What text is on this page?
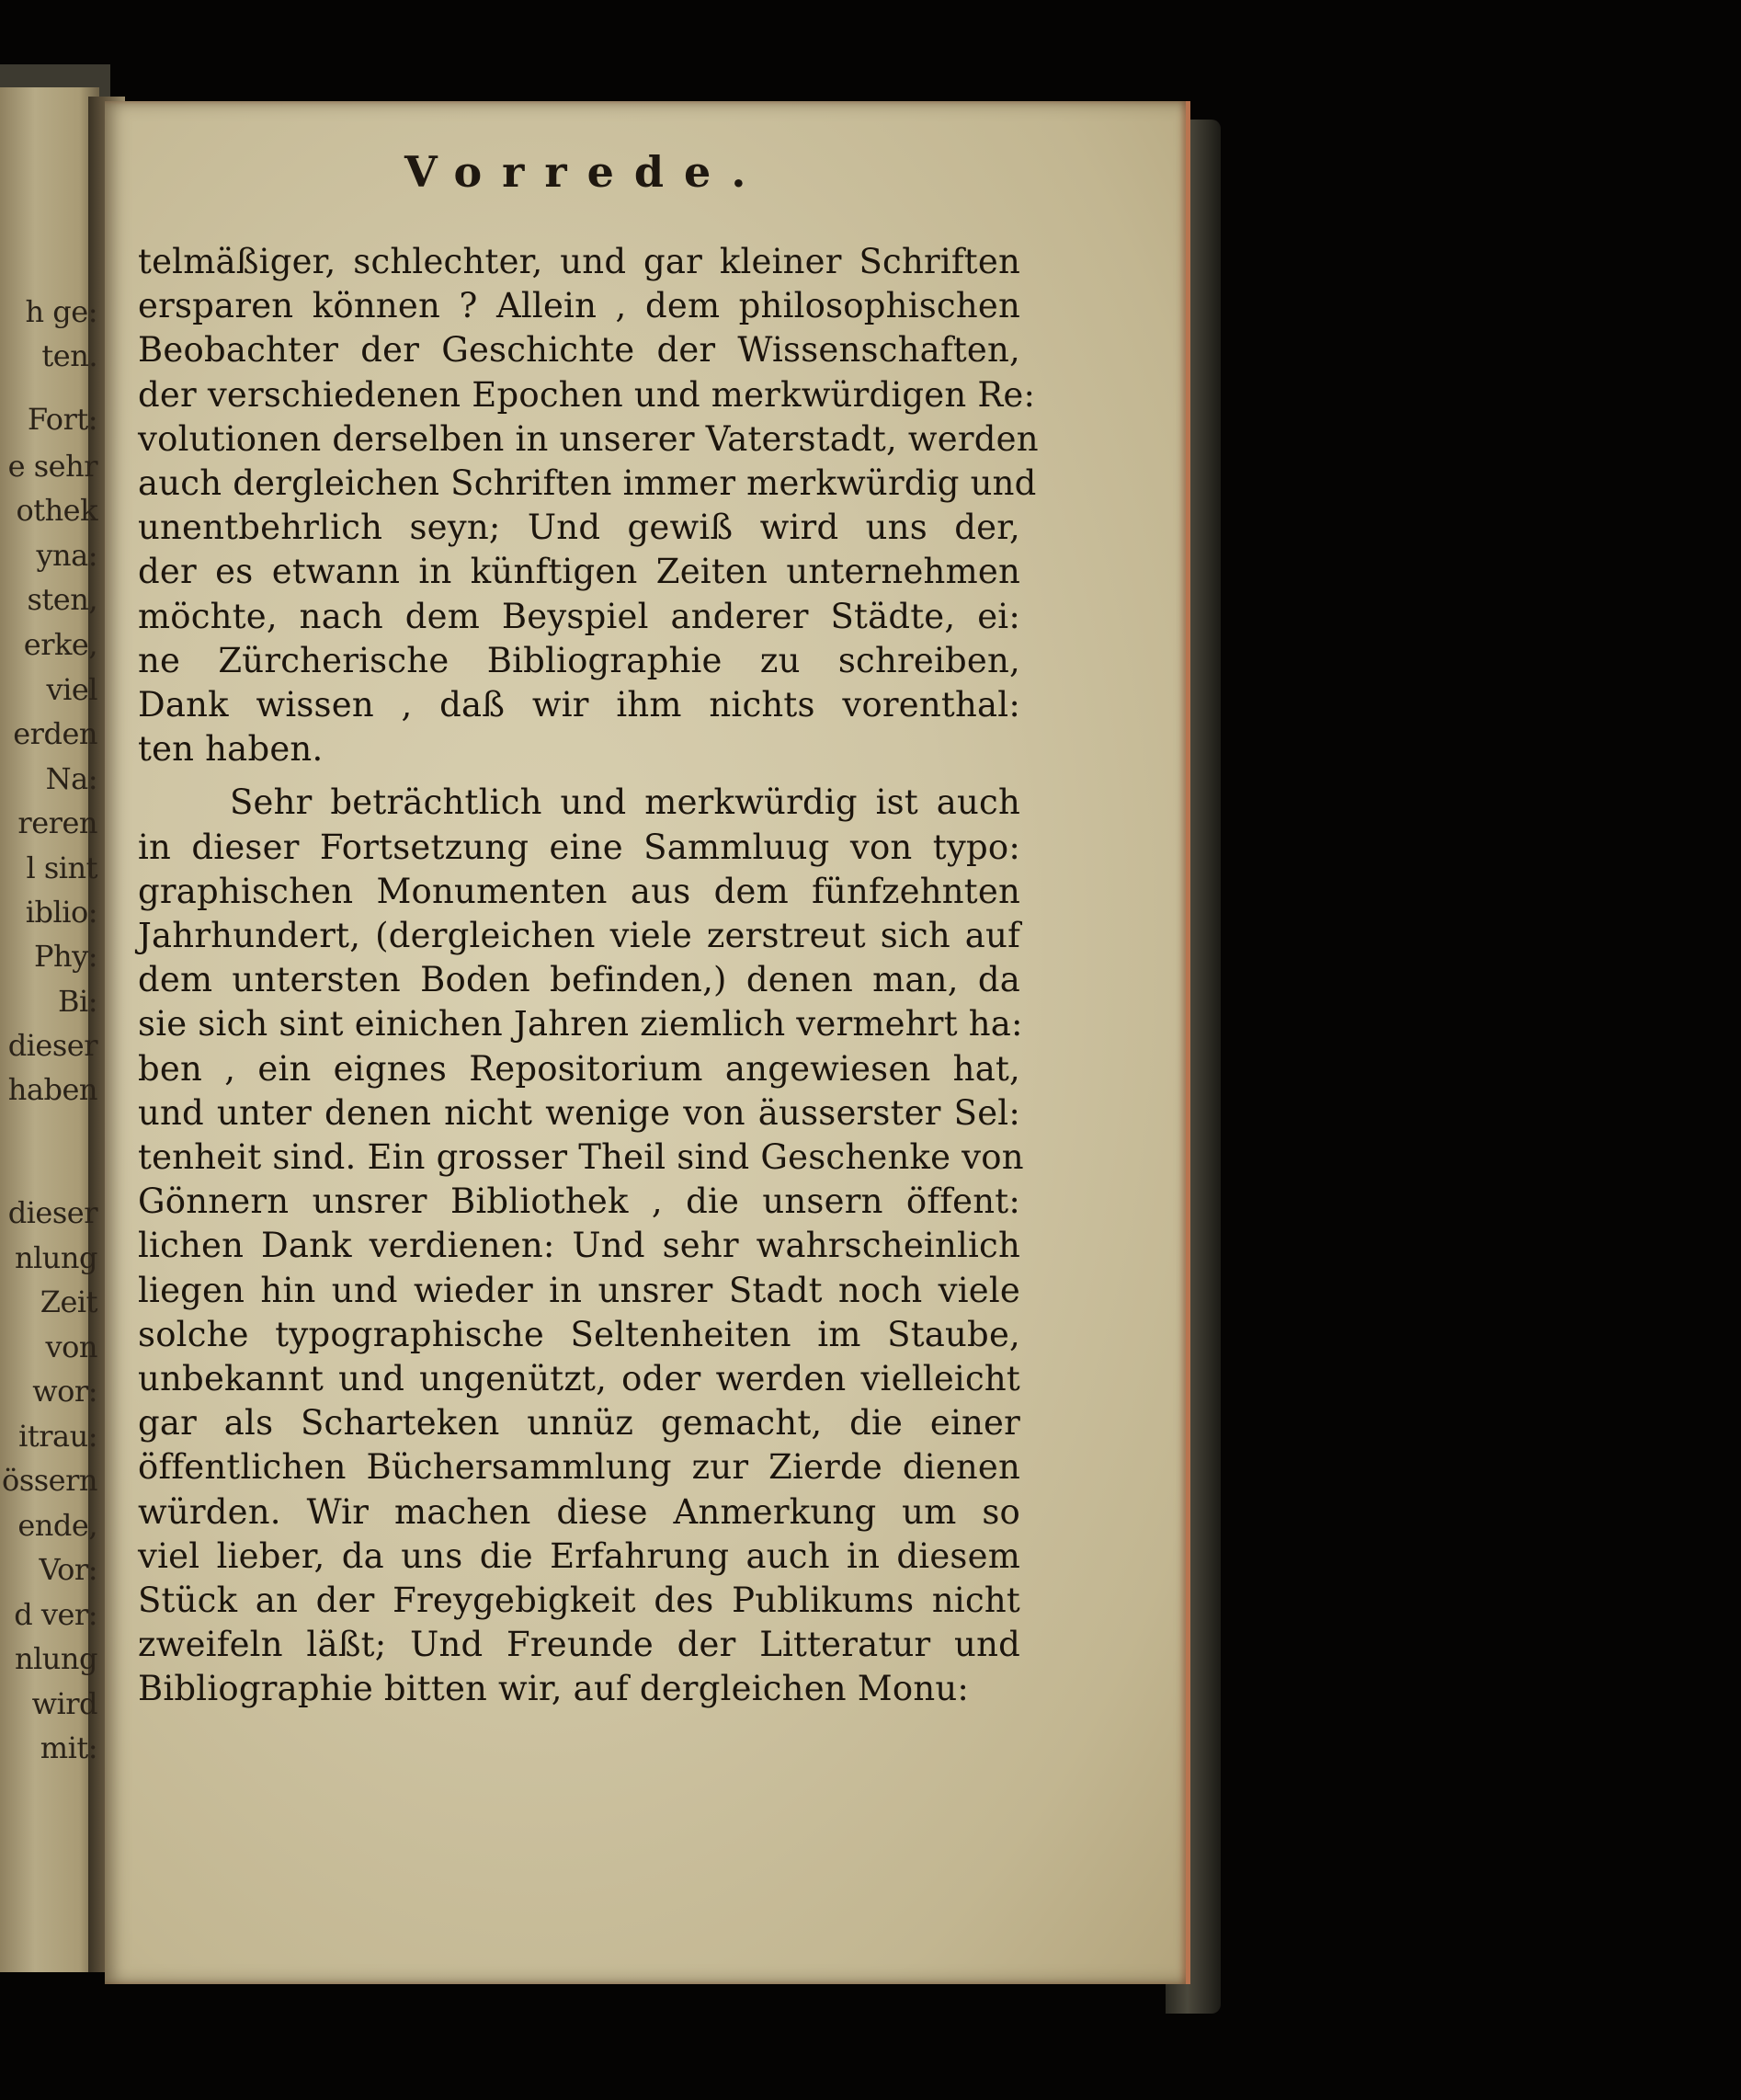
h ge:
ten.
Fort:
e sehr
othek
yna:
sten,
erke,
viel
erden
Na:
reren
l sint
iblio:
Phy:
Bi:
dieser
haben
dieser
nlung
Zeit
von
wor:
itrau:
össern
ende,
Vor:
d ver:
nlung
wird
mit:
Vorrede.
telmäßiger, schlechter, und gar kleiner Schriften
ersparen können ? Allein , dem philosophischen
Beobachter der Geschichte der Wissenschaften,
der verschiedenen Epochen und merkwürdigen Re:
volutionen derselben in unserer Vaterstadt, werden
auch dergleichen Schriften immer merkwürdig und
unentbehrlich seyn; Und gewiß wird uns der,
der es etwann in künftigen Zeiten unternehmen
möchte, nach dem Beyspiel anderer Städte, ei:
ne Zürcherische Bibliographie zu schreiben,
Dank wissen , daß wir ihm nichts vorenthal:
ten haben.
Sehr beträchtlich und merkwürdig ist auch
in dieser Fortsetzung eine Sammluug von typo:
graphischen Monumenten aus dem fünfzehnten
Jahrhundert, (dergleichen viele zerstreut sich auf
dem untersten Boden befinden,) denen man, da
sie sich sint einichen Jahren ziemlich vermehrt ha:
ben , ein eignes Repositorium angewiesen hat,
und unter denen nicht wenige von äusserster Sel:
tenheit sind. Ein grosser Theil sind Geschenke von
Gönnern unsrer Bibliothek , die unsern öffent:
lichen Dank verdienen: Und sehr wahrscheinlich
liegen hin und wieder in unsrer Stadt noch viele
solche typographische Seltenheiten im Staube,
unbekannt und ungenützt, oder werden vielleicht
gar als Scharteken unnüz gemacht, die einer
öffentlichen Büchersammlung zur Zierde dienen
würden. Wir machen diese Anmerkung um so
viel lieber, da uns die Erfahrung auch in diesem
Stück an der Freygebigkeit des Publikums nicht
zweifeln läßt; Und Freunde der Litteratur und
Bibliographie bitten wir, auf dergleichen Monu:
